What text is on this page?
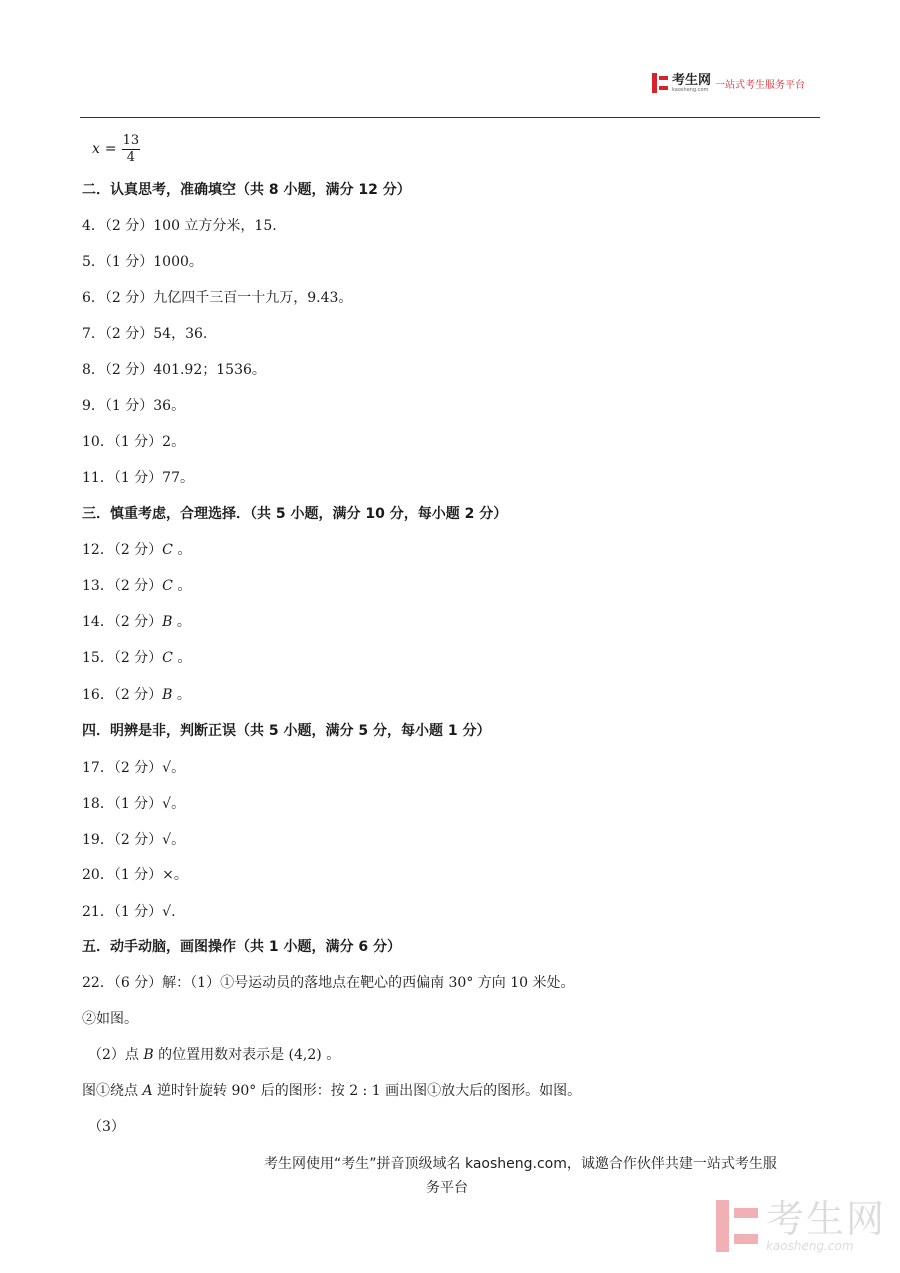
考生网
kaosheng.com 一站式考生服务平台
$x = \frac{13}{4}$
二．认真思考，准确填空（共 8 小题，满分 12 分）
4．（2 分）100 立方分米，15.
5．（1 分）1000。
6．（2 分）九亿四千三百一十九万，9.43。
7．（2 分）54，36.
8．（2 分）401.92；1536。
9．（1 分）36。
10．（1 分）2。
11．（1 分）77。
三．慎重考虑，合理选择．（共 5 小题，满分 10 分，每小题 2 分）
12．（2 分）C 。
13．（2 分）C 。
14．（2 分）B 。
15．（2 分）C 。
16．（2 分）B 。
四．明辨是非，判断正误（共 5 小题，满分 5 分，每小题 1 分）
17．（2 分）√。
18．（1 分）√。
19．（2 分）√。
20．（1 分）×。
21．（1 分）√.
五．动手动脑，画图操作（共 1 小题，满分 6 分）
22．（6 分）解：（1）①号运动员的落地点在靶心的西偏南 30° 方向 10 米处。
②如图。
（2）点 B 的位置用数对表示是 (4,2) 。
图①绕点 A 逆时针旋转 90° 后的图形：按 2 : 1 画出图①放大后的图形。如图。
（3）
考生网使用“考生”拼音顶级域名 kaosheng.com，诚邀合作伙伴共建一站式考生服
务平台
考生网
kaosheng.com
